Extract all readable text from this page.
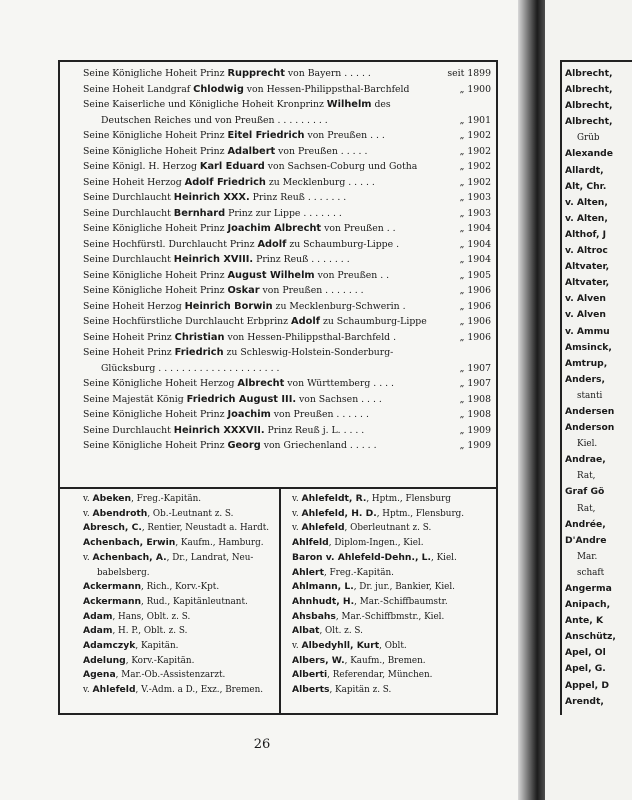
Seine Königliche Hoheit Prinz Rupprecht von Bayern . . . . .	seit 1899
Seine Hoheit Landgraf Chlodwig von Hessen-Philippsthal-Barchfeld	„ 1900
Seine Kaiserliche und Königliche Hoheit Kronprinz Wilhelm des
Deutschen Reiches und von Preußen . . . . . . . . .	„ 1901
Seine Königliche Hoheit Prinz Eitel Friedrich von Preußen . . .	„ 1902
Seine Königliche Hoheit Prinz Adalbert von Preußen . . . . .	„ 1902
Seine Königl. H. Herzog Karl Eduard von Sachsen-Coburg und Gotha	„ 1902
Seine Hoheit Herzog Adolf Friedrich zu Mecklenburg . . . . .	„ 1902
Seine Durchlaucht Heinrich XXX. Prinz Reuß . . . . . . .	„ 1903
Seine Durchlaucht Bernhard Prinz zur Lippe . . . . . . .	„ 1903
Seine Königliche Hoheit Prinz Joachim Albrecht von Preußen . .	„ 1904
Seine Hochfürstl. Durchlaucht Prinz Adolf zu Schaumburg-Lippe .	„ 1904
Seine Durchlaucht Heinrich XVIII. Prinz Reuß . . . . . . .	„ 1904
Seine Königliche Hoheit Prinz August Wilhelm von Preußen . .	„ 1905
Seine Königliche Hoheit Prinz Oskar von Preußen . . . . . . .	„ 1906
Seine Hoheit Herzog Heinrich Borwin zu Mecklenburg-Schwerin .	„ 1906
Seine Hochfürstliche Durchlaucht Erbprinz Adolf zu Schaumburg-Lippe	„ 1906
Seine Hoheit Prinz Christian von Hessen-Philippsthal-Barchfeld .	„ 1906
Seine Hoheit Prinz Friedrich zu Schleswig-Holstein-Sonderburg-
Glücksburg . . . . . . . . . . . . . . . . . . . . .	„ 1907
Seine Königliche Hoheit Herzog Albrecht von Württemberg . . . .	„ 1907
Seine Majestät König Friedrich August III. von Sachsen . . . .	„ 1908
Seine Königliche Hoheit Prinz Joachim von Preußen . . . . . .	„ 1908
Seine Durchlaucht Heinrich XXXVII. Prinz Reuß j. L. . . . .	„ 1909
Seine Königliche Hoheit Prinz Georg von Griechenland . . . . .	„ 1909
v. Abeken, Freg.-Kapitän.
v. Abendroth, Ob.-Leutnant z. S.
Abresch, C., Rentier, Neustadt a. Hardt.
Achenbach, Erwin, Kaufm., Hamburg.
v. Achenbach, A., Dr., Landrat, Neu-
babelsberg.
Ackermann, Rich., Korv.-Kpt.
Ackermann, Rud., Kapitänleutnant.
Adam, Hans, Oblt. z. S.
Adam, H. P., Oblt. z. S.
Adamczyk, Kapitän.
Adelung, Korv.-Kapitän.
Agena, Mar.-Ob.-Assistenzarzt.
v. Ahlefeld, V.-Adm. a D., Exz., Bremen.
v. Ahlefeldt, R., Hptm., Flensburg
v. Ahlefeld, H. D., Hptm., Flensburg.
v. Ahlefeld, Oberleutnant z. S.
Ahlfeld, Diplom-Ingen., Kiel.
Baron v. Ahlefeld-Dehn., L., Kiel.
Ahlert, Freg.-Kapitän.
Ahlmann, L., Dr. jur., Bankier, Kiel.
Ahnhudt, H., Mar.-Schiffbaumstr.
Ahsbahs, Mar.-Schiffbmstr., Kiel.
Albat, Olt. z. S.
v. Albedyhll, Kurt, Oblt.
Albers, W., Kaufm., Bremen.
Alberti, Referendar, München.
Alberts, Kapitän z. S.
26
Albrecht,
Albrecht,
Albrecht,
Albrecht,
Grüb
Alexande
Allardt,
Alt, Chr.
v. Alten,
v. Alten,
Althof, J
v. Altroc
Altvater,
Altvater,
v. Alven
v. Alven
v. Ammu
Amsinck,
Amtrup,
Anders,
stanti
Andersen
Anderson
Kiel.
Andrae,
Rat,
Graf Gö
Rat,
Andrée,
D'Andre
Mar.
schaft
Angerma
Anipach,
Ante, K
Anschütz,
Apel, Ol
Apel, G.
Appel, D
Arendt,
